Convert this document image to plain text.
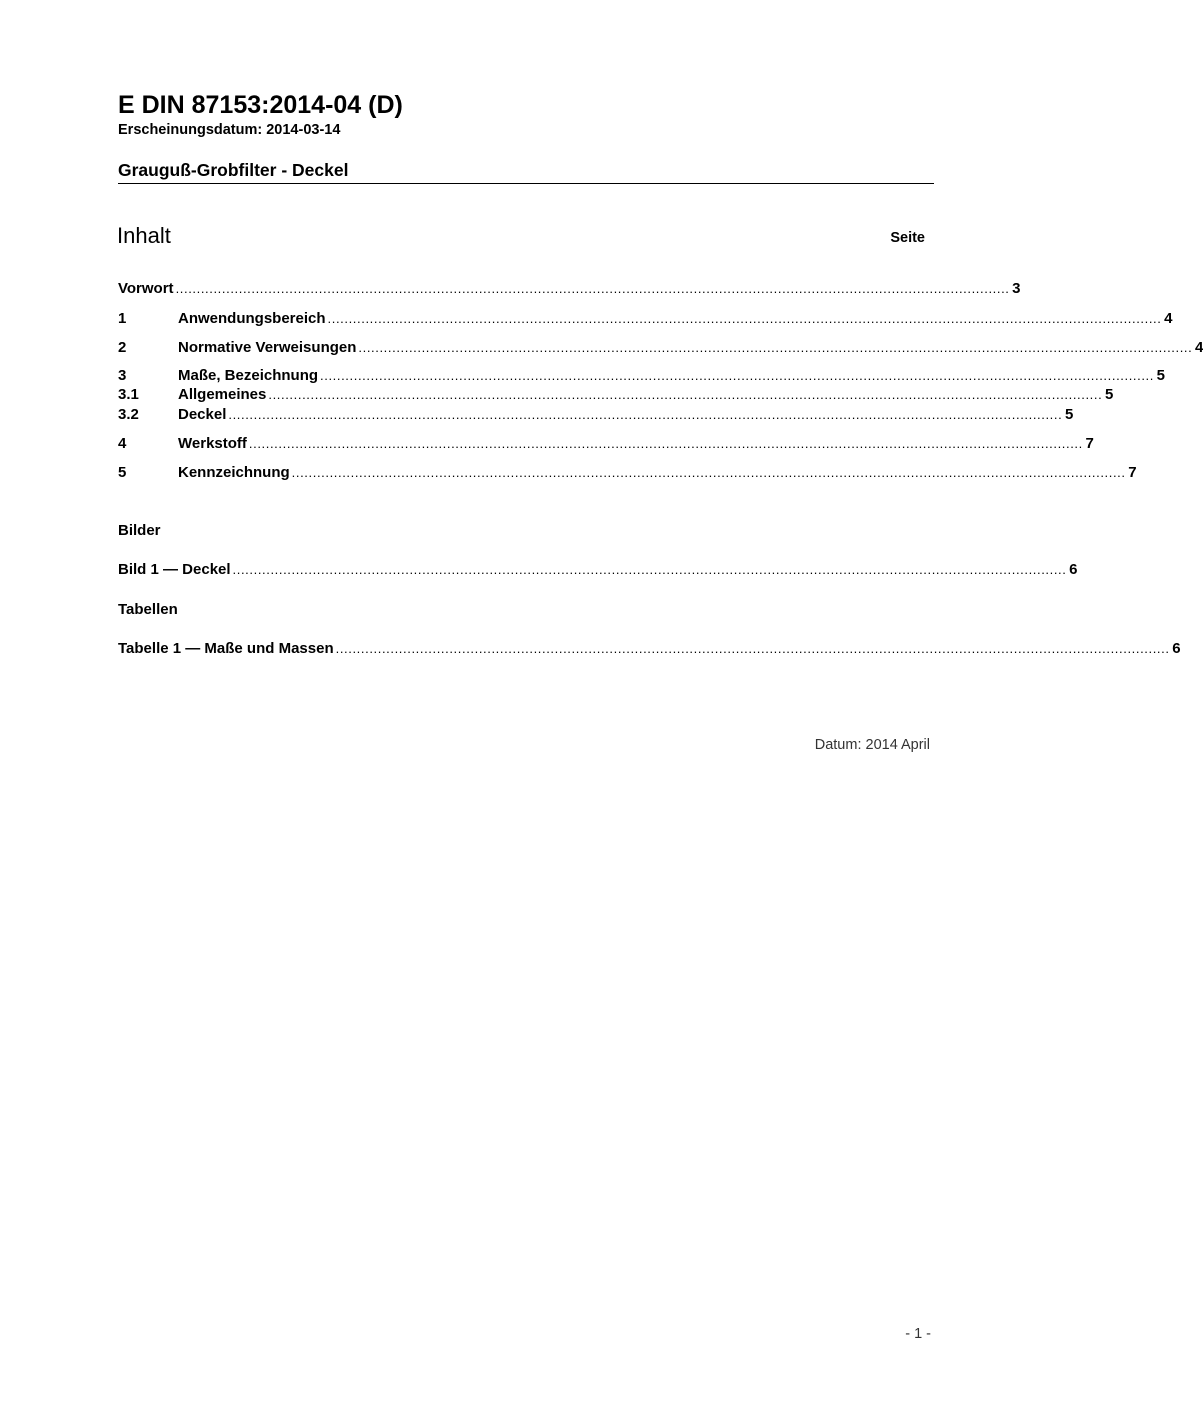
E DIN 87153:2014-04 (D)
Erscheinungsdatum: 2014-03-14
Grauguß-Grobfilter - Deckel
Inhalt	Seite
Vorwort ...................................................................................................................................................................................................... 3
1	Anwendungsbereich ...................................................................................................................................................................................................... 4
2	Normative Verweisungen ...................................................................................................................................................................................................... 4
3	Maße, Bezeichnung ...................................................................................................................................................................................................... 5
3.1	Allgemeines ...................................................................................................................................................................................................... 5
3.2	Deckel ...................................................................................................................................................................................................... 5
4	Werkstoff ...................................................................................................................................................................................................... 7
5	Kennzeichnung ...................................................................................................................................................................................................... 7
Bilder
Bild 1 — Deckel ...................................................................................................................................................................................................... 6
Tabellen
Tabelle 1 — Maße und Massen ...................................................................................................................................................................................................... 6
Datum: 2014 April
- 1 -
